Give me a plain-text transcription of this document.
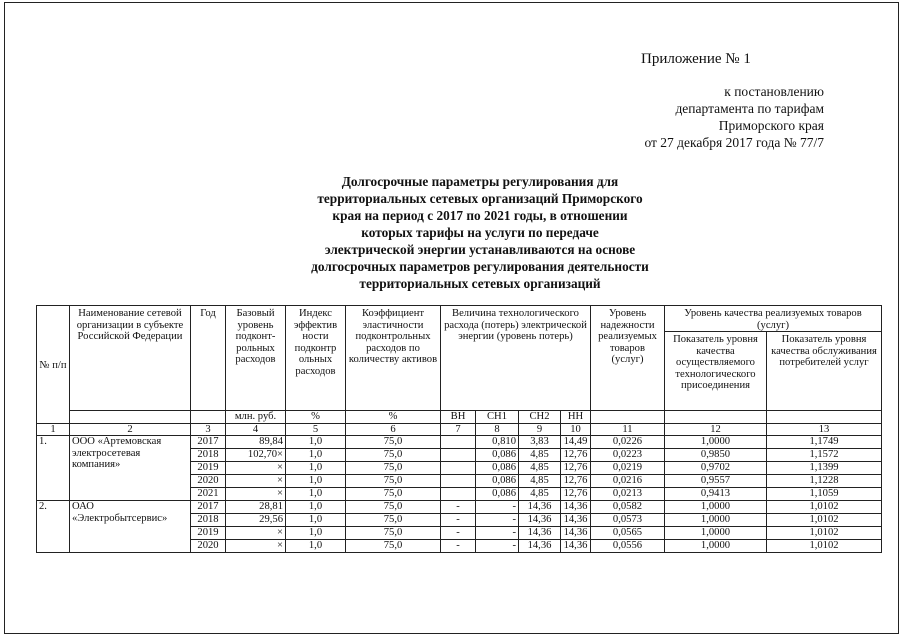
Приложение № 1
к постановлению
департамента по тарифам
Приморского края
от 27 декабря 2017 года № 77/7
Долгосрочные параметры регулирования для
территориальных сетевых организаций Приморского
края на период с 2017 по 2021 годы, в отношении
которых тарифы на услуги по передаче
электрической энергии устанавливаются на основе
долгосрочных параметров регулирования деятельности
территориальных сетевых организаций
№ п/п	Наименование сетевой организации в субъекте Российской Федерации	Год	Базовый уровень подконт-рольных расходов	Индекс эффектив ности подконтр ольных расходов	Коэффициент эластичности подконтрольных расходов по количеству активов	Величина технологического расхода (потерь) электрической энергии (уровень потерь)				Уровень надежности реализуемых товаров (услуг)	Уровень качества реализуемых товаров (услуг)	
											Показатель уровня качества осуществляемого технологического присоединения	Показатель уровня качества обслуживания потребителей услуг
			млн. руб.	%	%	ВН	СН1	СН2	НН			
1	2	3	4	5	6	7	8	9	10	11	12	13
1.	ООО «Артемовская электросетевая компания»	2017	89,84	1,0	75,0		0,810	3,83	14,49	0,0226	1,0000	1,1749
		2018	102,70×	1,0	75,0		0,086	4,85	12,76	0,0223	0,9850	1,1572
		2019	×	1,0	75,0		0,086	4,85	12,76	0,0219	0,9702	1,1399
		2020	×	1,0	75,0		0,086	4,85	12,76	0,0216	0,9557	1,1228
		2021	×	1,0	75,0		0,086	4,85	12,76	0,0213	0,9413	1,1059
2.	ОАО «Электробытсервис»	2017	28,81	1,0	75,0	-	-	14,36	14,36	0,0582	1,0000	1,0102
		2018	29,56	1,0	75,0	-	-	14,36	14,36	0,0573	1,0000	1,0102
		2019	×	1,0	75,0	-	-	14,36	14,36	0,0565	1,0000	1,0102
		2020	×	1,0	75,0	-	-	14,36	14,36	0,0556	1,0000	1,0102
